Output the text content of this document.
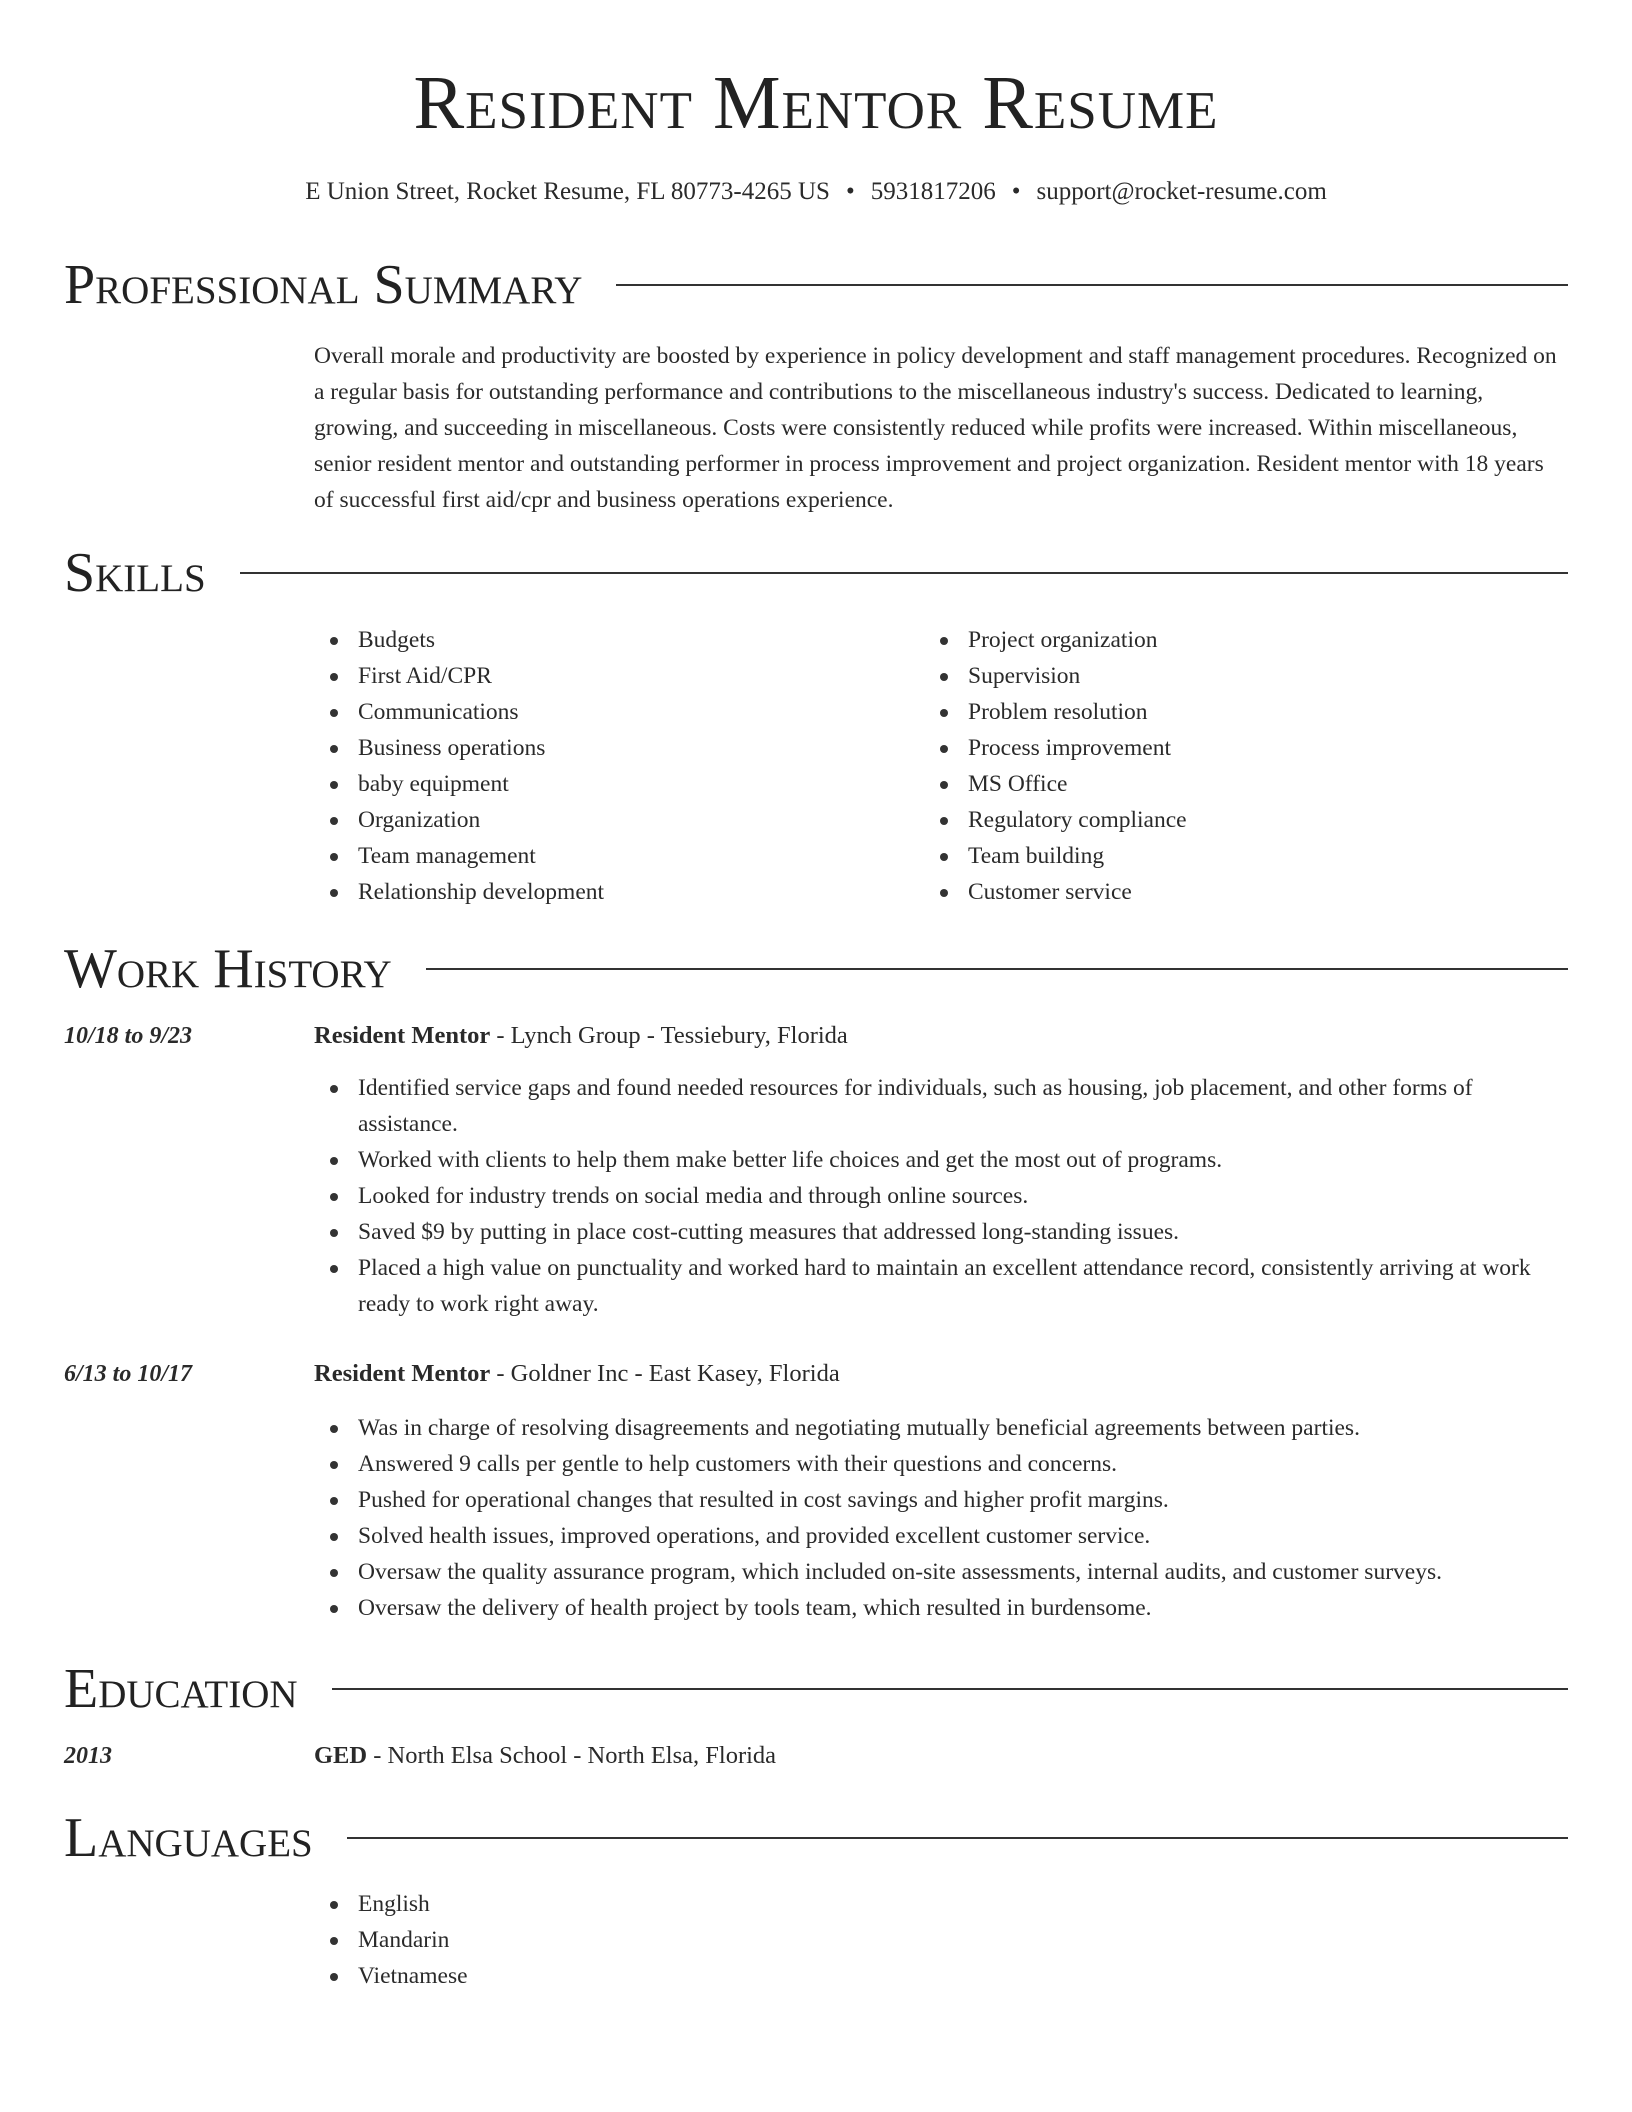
Resident Mentor Resume
E Union Street, Rocket Resume, FL 80773-4265 US • 5931817206 • support@rocket-resume.com
Professional Summary
Overall morale and productivity are boosted by experience in policy development and staff management procedures. Recognized on a regular basis for outstanding performance and contributions to the miscellaneous industry's success. Dedicated to learning, growing, and succeeding in miscellaneous. Costs were consistently reduced while profits were increased. Within miscellaneous, senior resident mentor and outstanding performer in process improvement and project organization. Resident mentor with 18 years of successful first aid/cpr and business operations experience.
Skills
Budgets
First Aid/CPR
Communications
Business operations
baby equipment
Organization
Team management
Relationship development
Project organization
Supervision
Problem resolution
Process improvement
MS Office
Regulatory compliance
Team building
Customer service
Work History
10/18 to 9/23	Resident Mentor - Lynch Group - Tessiebury, Florida
Identified service gaps and found needed resources for individuals, such as housing, job placement, and other forms of assistance.
Worked with clients to help them make better life choices and get the most out of programs.
Looked for industry trends on social media and through online sources.
Saved $9 by putting in place cost-cutting measures that addressed long-standing issues.
Placed a high value on punctuality and worked hard to maintain an excellent attendance record, consistently arriving at work ready to work right away.
6/13 to 10/17	Resident Mentor - Goldner Inc - East Kasey, Florida
Was in charge of resolving disagreements and negotiating mutually beneficial agreements between parties.
Answered 9 calls per gentle to help customers with their questions and concerns.
Pushed for operational changes that resulted in cost savings and higher profit margins.
Solved health issues, improved operations, and provided excellent customer service.
Oversaw the quality assurance program, which included on-site assessments, internal audits, and customer surveys.
Oversaw the delivery of health project by tools team, which resulted in burdensome.
Education
2013	GED - North Elsa School - North Elsa, Florida
Languages
English
Mandarin
Vietnamese
